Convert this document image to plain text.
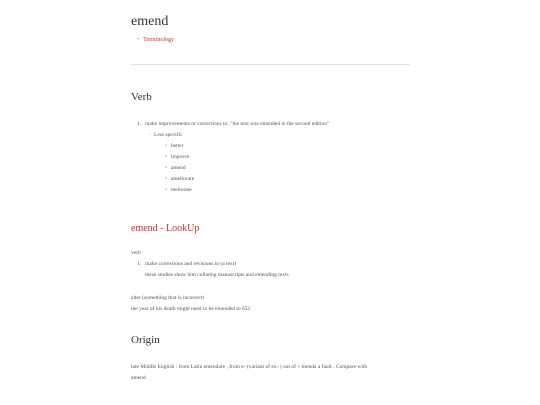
emend
• Terminology
Verb
1. make improvements or corrections to; "the text was emended in the second edition"
◦ Less specific
• better
• improve
• amend
• ameliorate
• meliorate
emend - LookUp
verb
1. make corrections and revisions to (a text)
these studies show him collating manuscripts and emending texts
alter (something that is incorrect)
the year of his death might need to be emended to 652
Origin
late Middle English : from Latin emendare , from e- (variant of ex- ) out of + menda a fault . Compare with
amend
